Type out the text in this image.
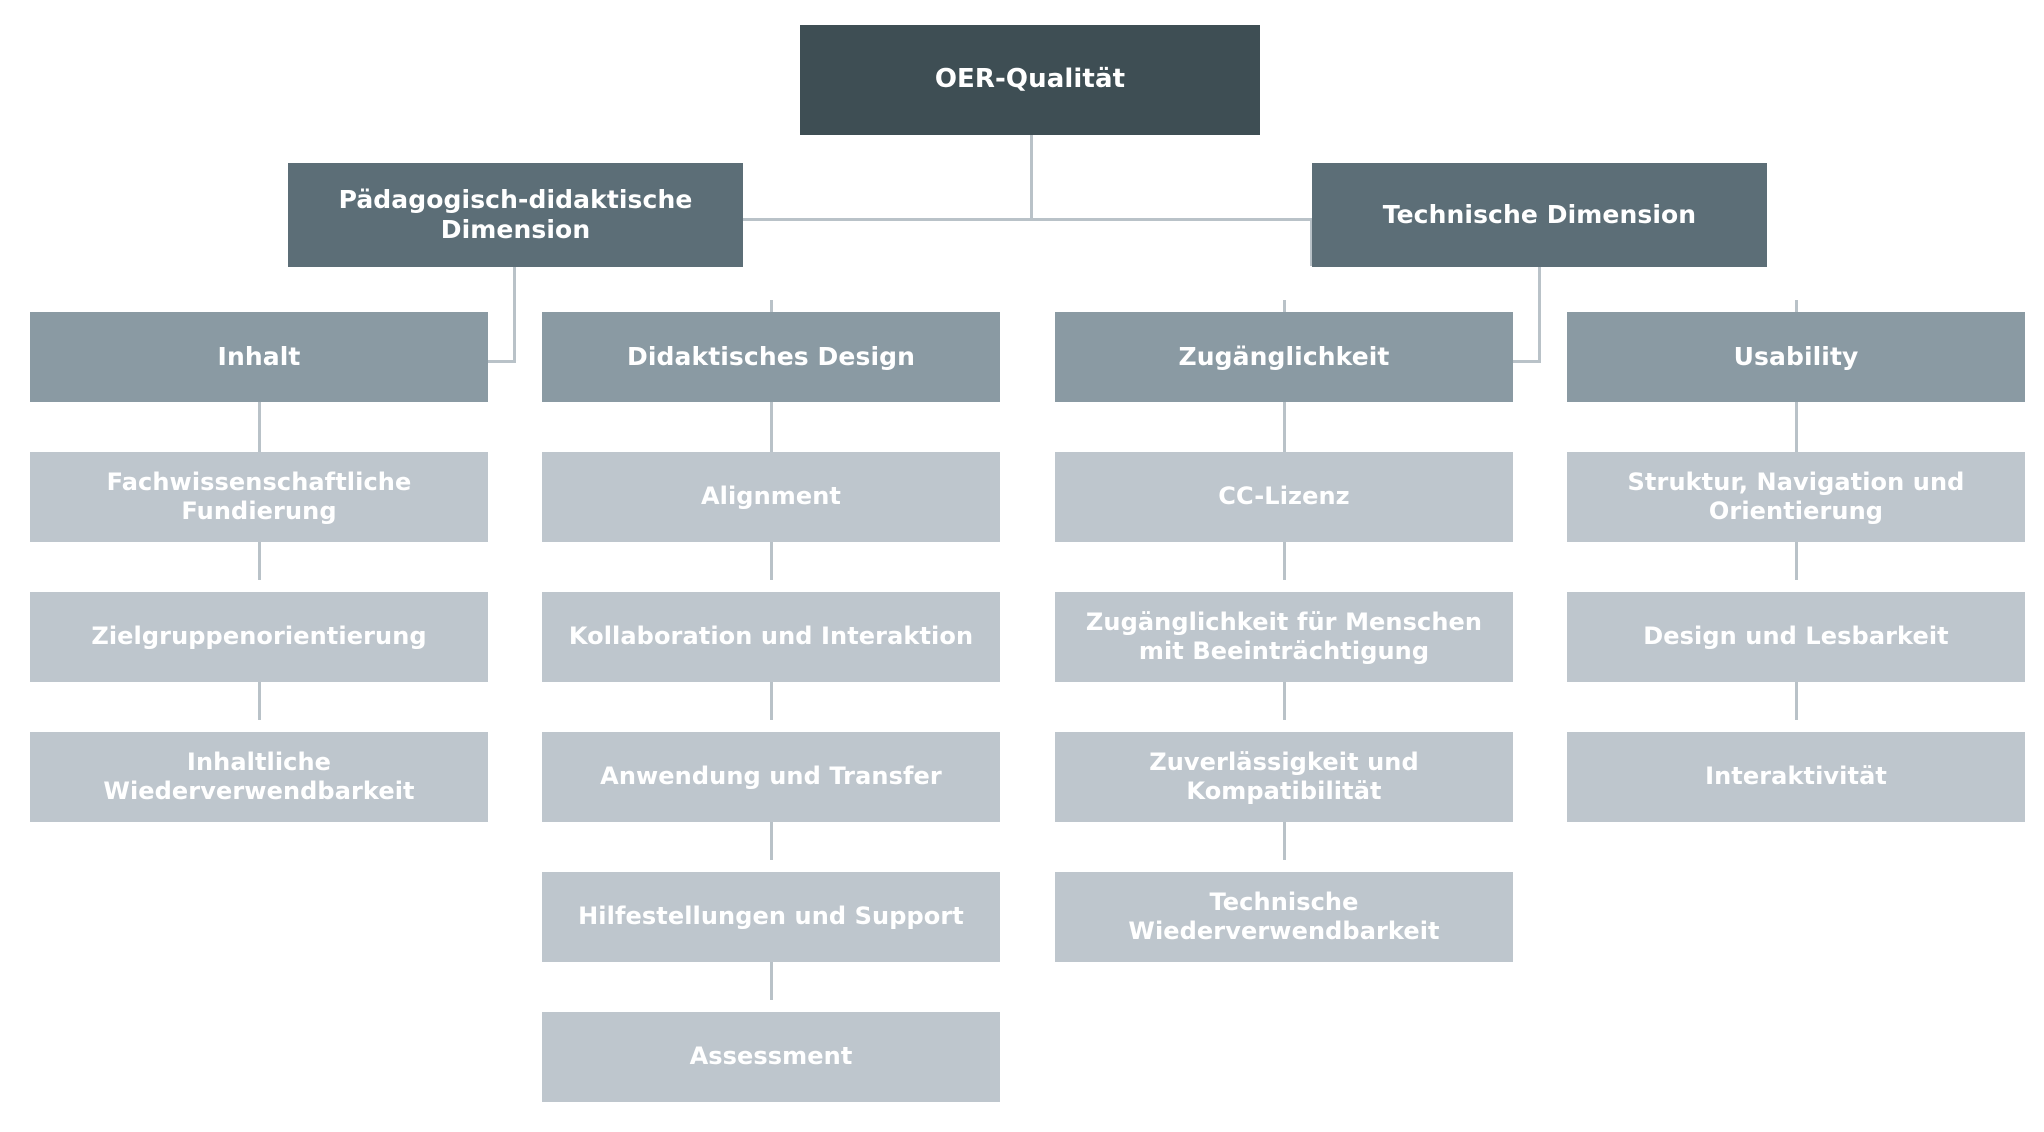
OER-Qualität
Pädagogisch-didaktische Dimension
Technische Dimension
Inhalt	Didaktisches Design	Zugänglichkeit	Usability
Fachwissenschaftliche Fundierung
Zielgruppenorientierung
Inhaltliche Wiederverwendbarkeit
Alignment
Kollaboration und Interaktion
Anwendung und Transfer
Hilfestellungen und Support
Assessment
CC-Lizenz
Zugänglichkeit für Menschen mit Beeinträchtigung
Zuverlässigkeit und Kompatibilität
Technische Wiederverwendbarkeit
Struktur, Navigation und Orientierung
Design und Lesbarkeit
Interaktivität
